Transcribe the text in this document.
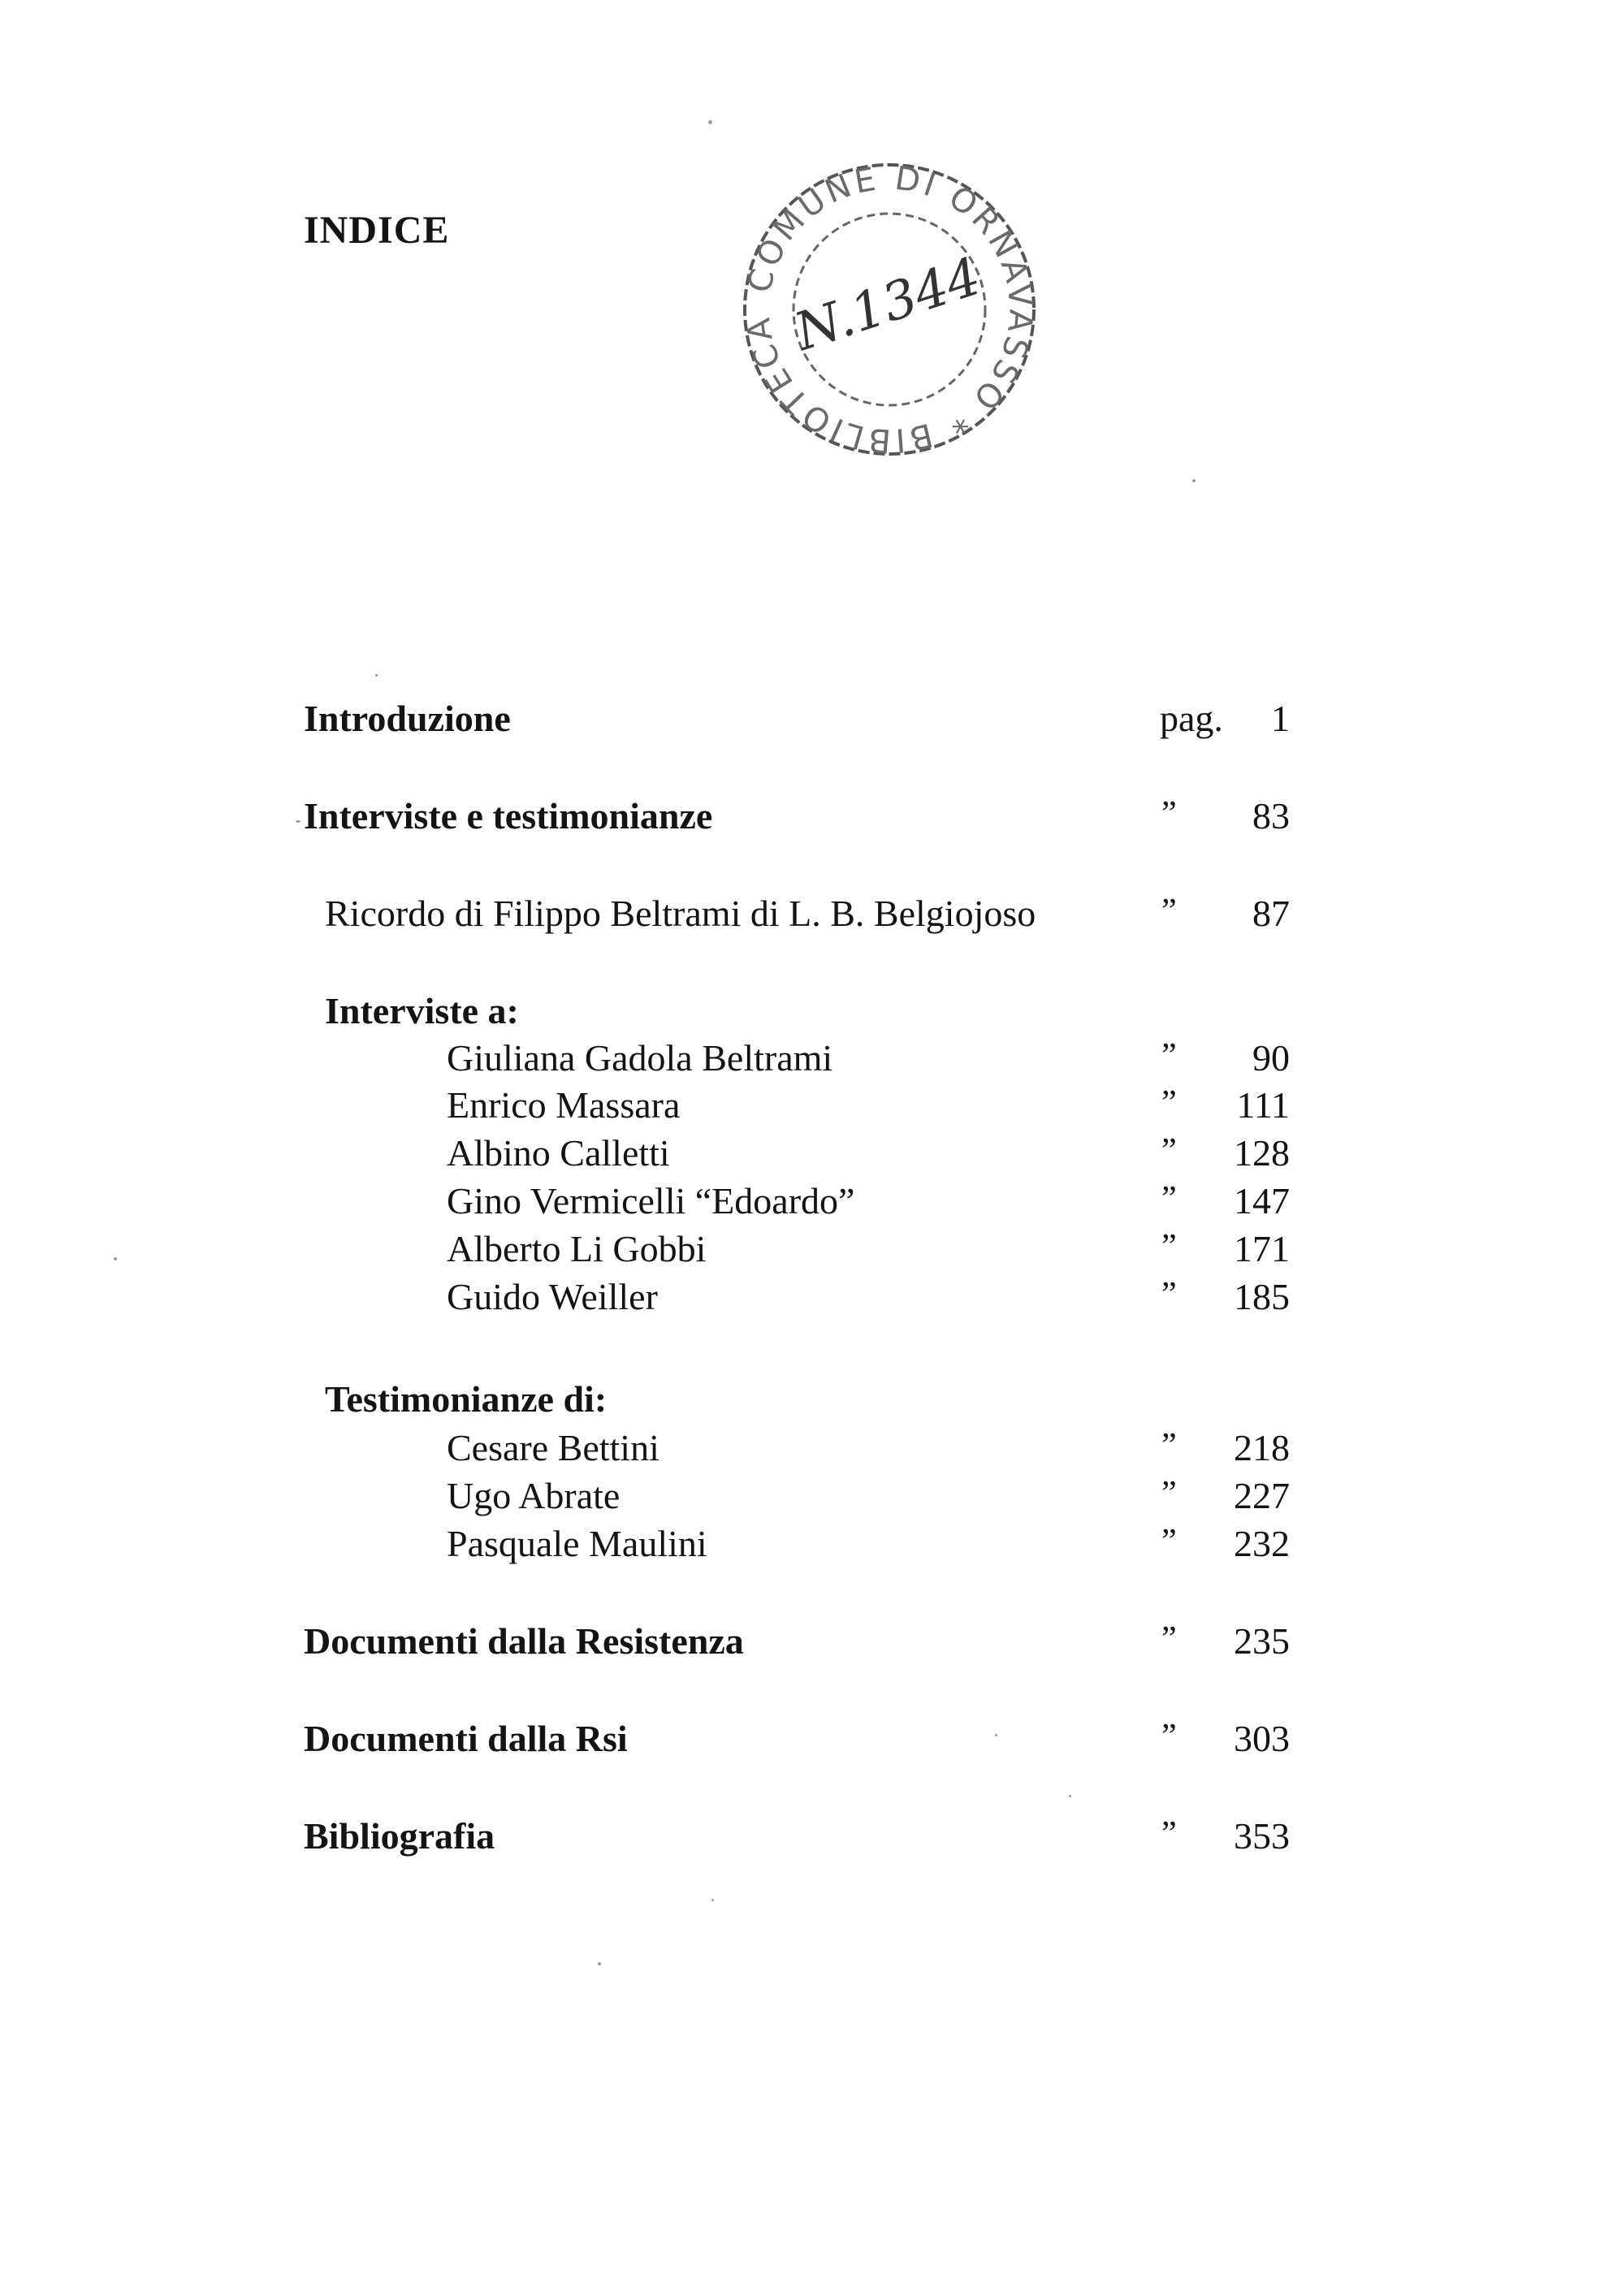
INDICE
COMUNE DI ORNAVASSO * BIBLIOTECA N.1344
Introduzione	pag. 1
Interviste e testimonianze	” 83
Ricordo di Filippo Beltrami di L. B. Belgiojoso	” 87
Interviste a:
Giuliana Gadola Beltrami	” 90
Enrico Massara	” 111
Albino Calletti	” 128
Gino Vermicelli “Edoardo”	” 147
Alberto Li Gobbi	” 171
Guido Weiller	” 185
Testimonianze di:
Cesare Bettini	” 218
Ugo Abrate	” 227
Pasquale Maulini	” 232
Documenti dalla Resistenza	” 235
Documenti dalla Rsi	” 303
Bibliografia	” 353
